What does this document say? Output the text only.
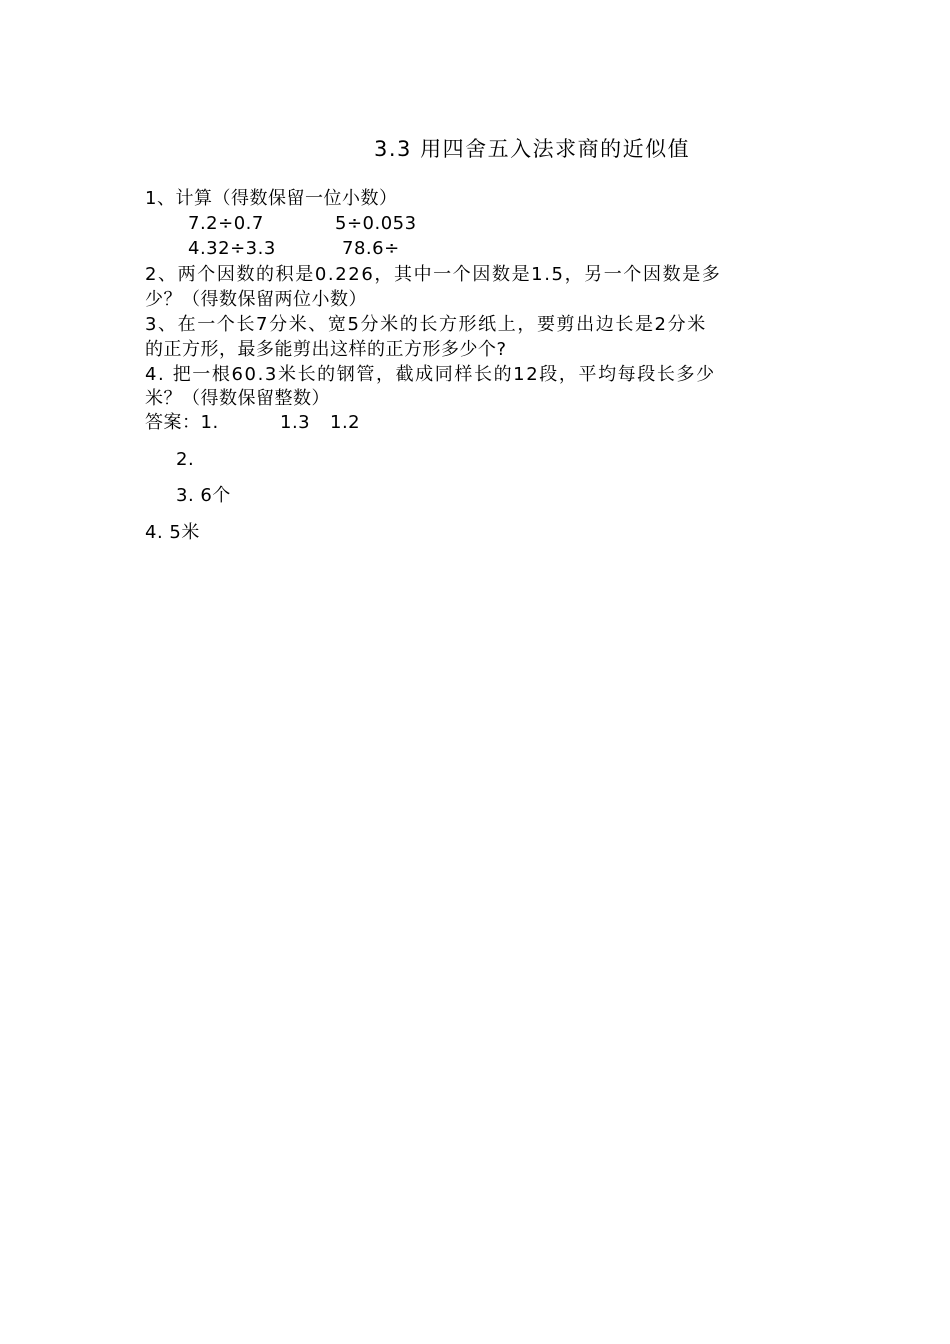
3.3 用四舍五入法求商的近似值
1、计算（得数保留一位小数）
7.2÷0.7	5÷0.053
4.32÷3.3	78.6÷
2、两个因数的积是0.226，其中一个因数是1.5，另一个因数是多
少？（得数保留两位小数）
3、在一个长7分米、宽5分米的长方形纸上，要剪出边长是2分米
的正方形，最多能剪出这样的正方形多少个?
4. 把一根60.3米长的钢管，截成同样长的12段，平均每段长多少
米？（得数保留整数）
答案：1.	1.3 1.2
2.
3. 6个
4. 5米
